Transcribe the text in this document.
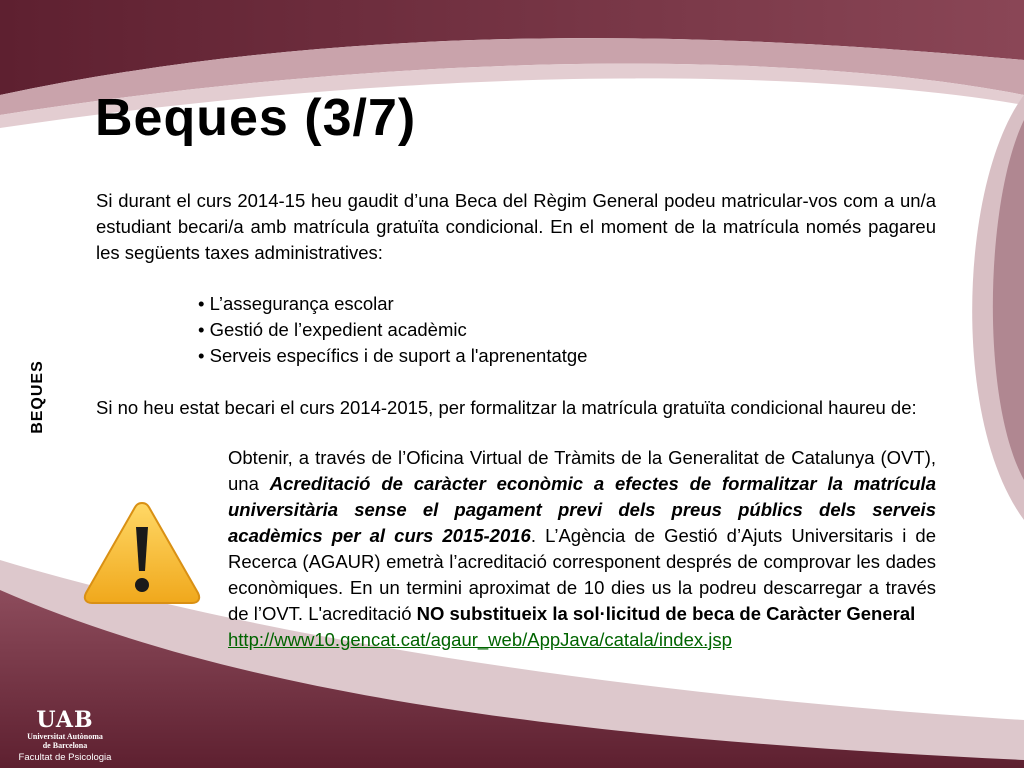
Beques (3/7)
BEQUES

Si durant el curs 2014-15 heu gaudit d’una Beca del Règim General podeu matricular-vos com a un/a estudiant becari/a amb matrícula gratuïta condicional. En el moment de la matrícula només pagareu les següents taxes administratives:

• L’assegurança escolar
• Gestió de l’expedient acadèmic
• Serveis específics i de suport a l'aprenentatge

Si no heu estat becari el curs 2014-2015, per formalitzar la matrícula gratuïta condicional haureu de:

Obtenir, a través de l’Oficina Virtual de Tràmits de la Generalitat de Catalunya (OVT), una Acreditació de caràcter econòmic a efectes de formalitzar la matrícula universitària sense el pagament previ dels preus públics dels serveis acadèmics per al curs 2015-2016. L’Agència de Gestió d’Ajuts Universitaris i de Recerca (AGAUR) emetrà l’acreditació corresponent després de comprovar les dades econòmiques. En un termini aproximat de 10 dies us la podreu descarregar a través de l’OVT. L'acreditació NO substitueix la sol·licitud de beca de Caràcter General
http://www10.gencat.cat/agaur_web/AppJava/catala/index.jsp

UAB
Universitat Autònoma
de Barcelona
Facultat de Psicologia
